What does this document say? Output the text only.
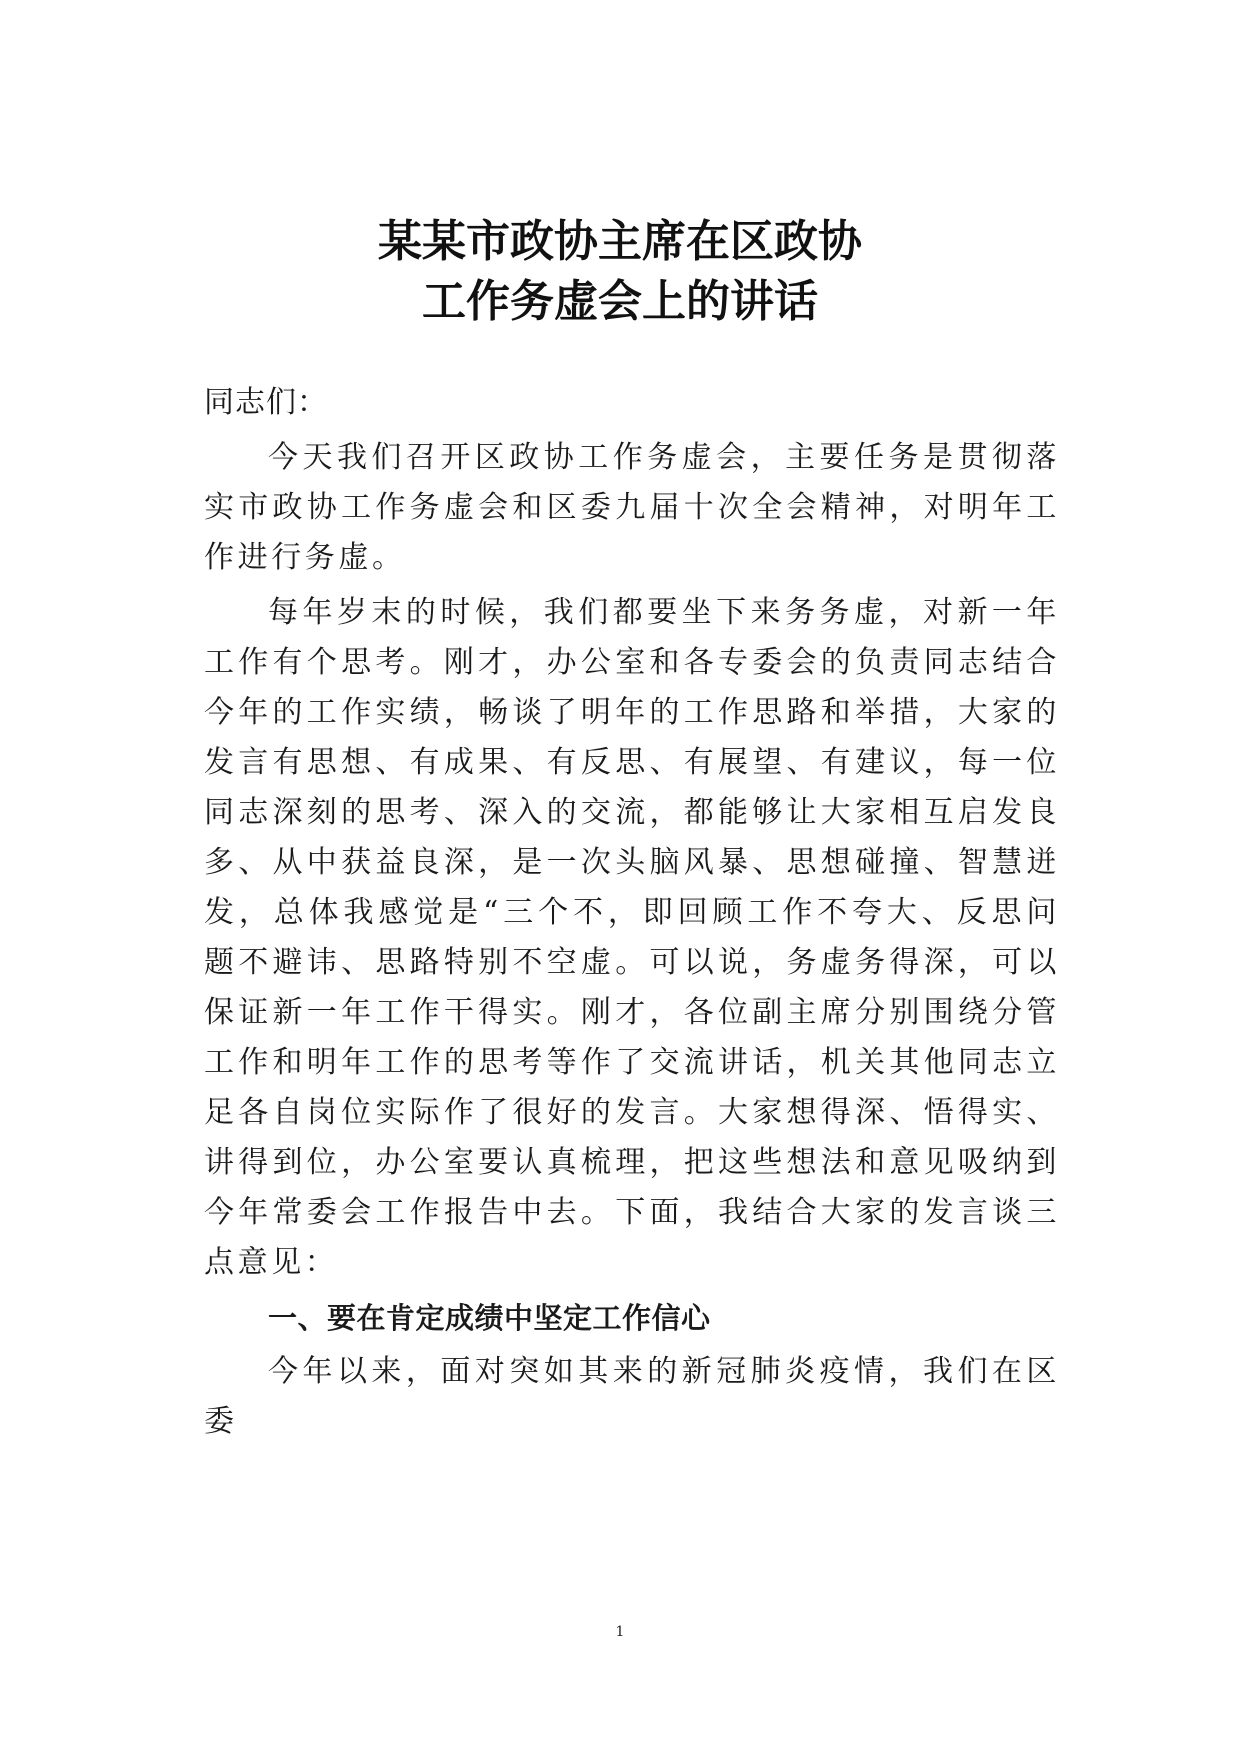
某某市政协主席在区政协
工作务虚会上的讲话
同志们：

今天我们召开区政协工作务虚会，主要任务是贯彻落实市政协工作务虚会和区委九届十次全会精神，对明年工作进行务虚。

每年岁末的时候，我们都要坐下来务务虚，对新一年工作有个思考。刚才，办公室和各专委会的负责同志结合今年的工作实绩，畅谈了明年的工作思路和举措，大家的发言有思想、有成果、有反思、有展望、有建议，每一位同志深刻的思考、深入的交流，都能够让大家相互启发良多、从中获益良深，是一次头脑风暴、思想碰撞、智慧迸发，总体我感觉是“三个不，即回顾工作不夸大、反思问题不避讳、思路特别不空虚。可以说，务虚务得深，可以保证新一年工作干得实。刚才，各位副主席分别围绕分管工作和明年工作的思考等作了交流讲话，机关其他同志立足各自岗位实际作了很好的发言。大家想得深、悟得实、讲得到位，办公室要认真梳理，把这些想法和意见吸纳到今年常委会工作报告中去。下面，我结合大家的发言谈三点意见：

一、要在肯定成绩中坚定工作信心

今年以来，面对突如其来的新冠肺炎疫情，我们在区委

1
